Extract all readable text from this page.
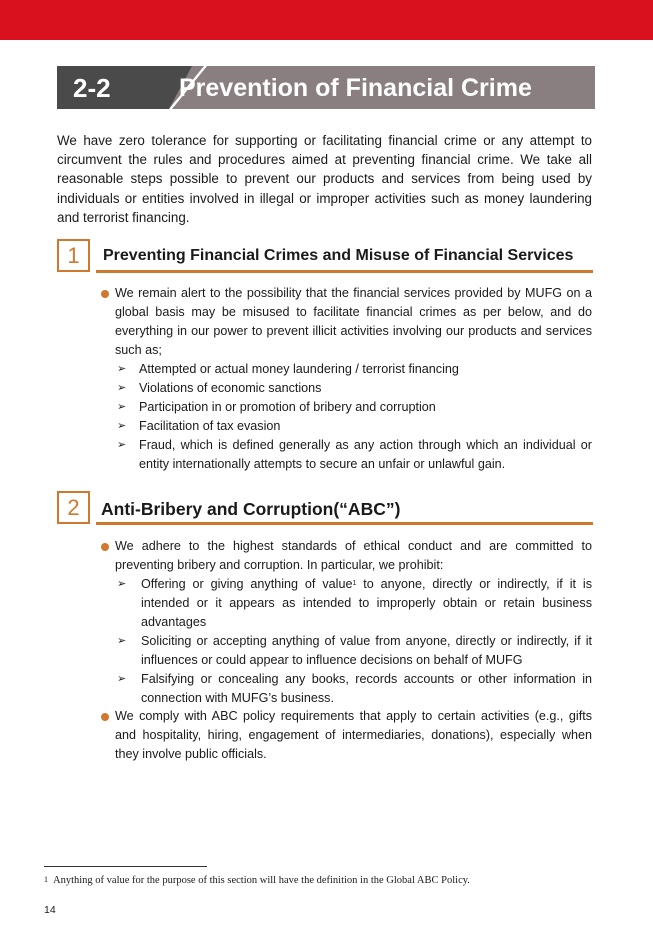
2-2	Prevention of Financial Crime

We have zero tolerance for supporting or facilitating financial crime or any attempt to circumvent the rules and procedures aimed at preventing financial crime. We take all reasonable steps possible to prevent our products and services from being used by individuals or entities involved in illegal or improper activities such as money laundering and terrorist financing.

1	Preventing Financial Crimes and Misuse of Financial Services

We remain alert to the possibility that the financial services provided by MUFG on a global basis may be misused to facilitate financial crimes as per below, and do everything in our power to prevent illicit activities involving our products and services such as;

➢ Attempted or actual money laundering / terrorist financing

➢ Violations of economic sanctions

➢ Participation in or promotion of bribery and corruption

➢ Facilitation of tax evasion

➢ Fraud, which is defined generally as any action through which an individual or entity internationally attempts to secure an unfair or unlawful gain.

2	Anti-Bribery and Corruption(“ABC”)

We adhere to the highest standards of ethical conduct and are committed to preventing bribery and corruption. In particular, we prohibit:

➢ Offering or giving anything of value$^1$ to anyone, directly or indirectly, if it is intended or it appears as intended to improperly obtain or retain business advantages

➢ Soliciting or accepting anything of value from anyone, directly or indirectly, if it influences or could appear to influence decisions on behalf of MUFG

➢ Falsifying or concealing any books, records accounts or other information in connection with MUFG’s business.

We comply with ABC policy requirements that apply to certain activities (e.g., gifts and hospitality, hiring, engagement of intermediaries, donations), especially when they involve public officials.

$^1$ Anything of value for the purpose of this section will have the definition in the Global ABC Policy.

14
